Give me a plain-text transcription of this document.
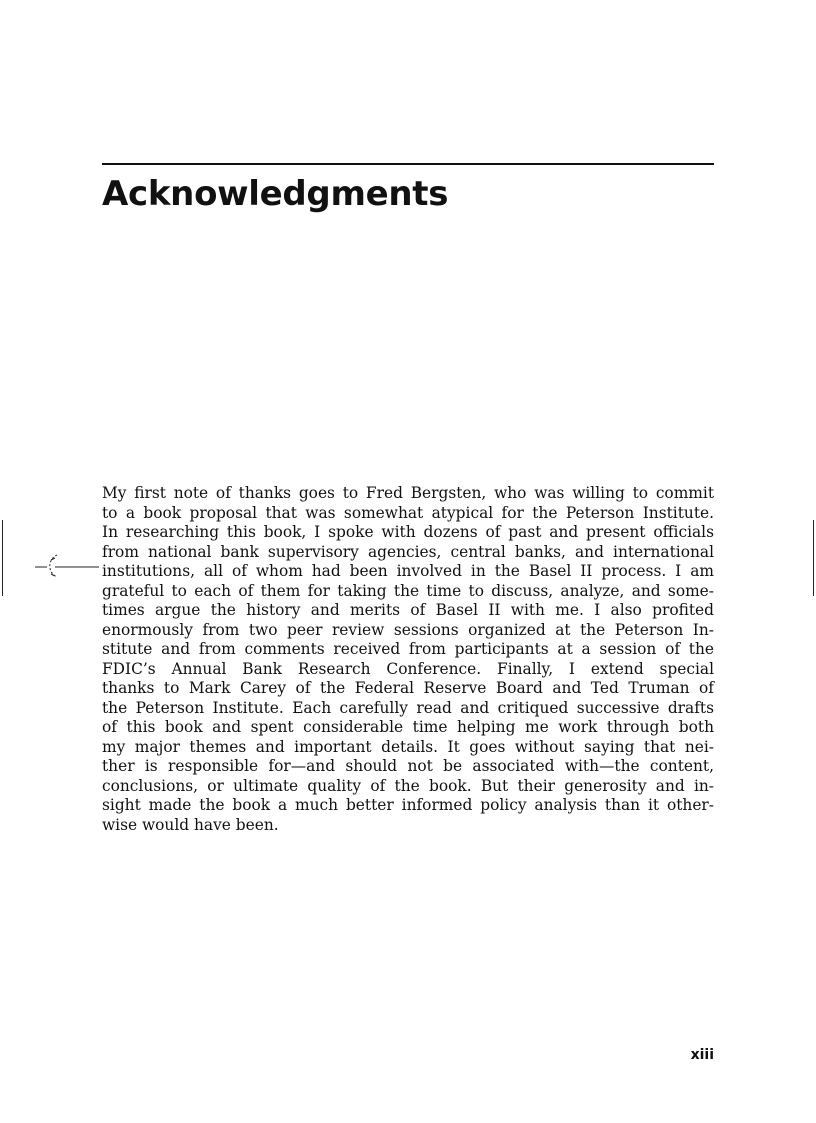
Acknowledgments
My first note of thanks goes to Fred Bergsten, who was willing to commit
to a book proposal that was somewhat atypical for the Peterson Institute.
In researching this book, I spoke with dozens of past and present officials
from national bank supervisory agencies, central banks, and international
institutions, all of whom had been involved in the Basel II process. I am
grateful to each of them for taking the time to discuss, analyze, and some-
times argue the history and merits of Basel II with me. I also profited
enormously from two peer review sessions organized at the Peterson In-
stitute and from comments received from participants at a session of the
FDIC’s Annual Bank Research Conference. Finally, I extend special
thanks to Mark Carey of the Federal Reserve Board and Ted Truman of
the Peterson Institute. Each carefully read and critiqued successive drafts
of this book and spent considerable time helping me work through both
my major themes and important details. It goes without saying that nei-
ther is responsible for—and should not be associated with—the content,
conclusions, or ultimate quality of the book. But their generosity and in-
sight made the book a much better informed policy analysis than it other-
wise would have been.
xiii
